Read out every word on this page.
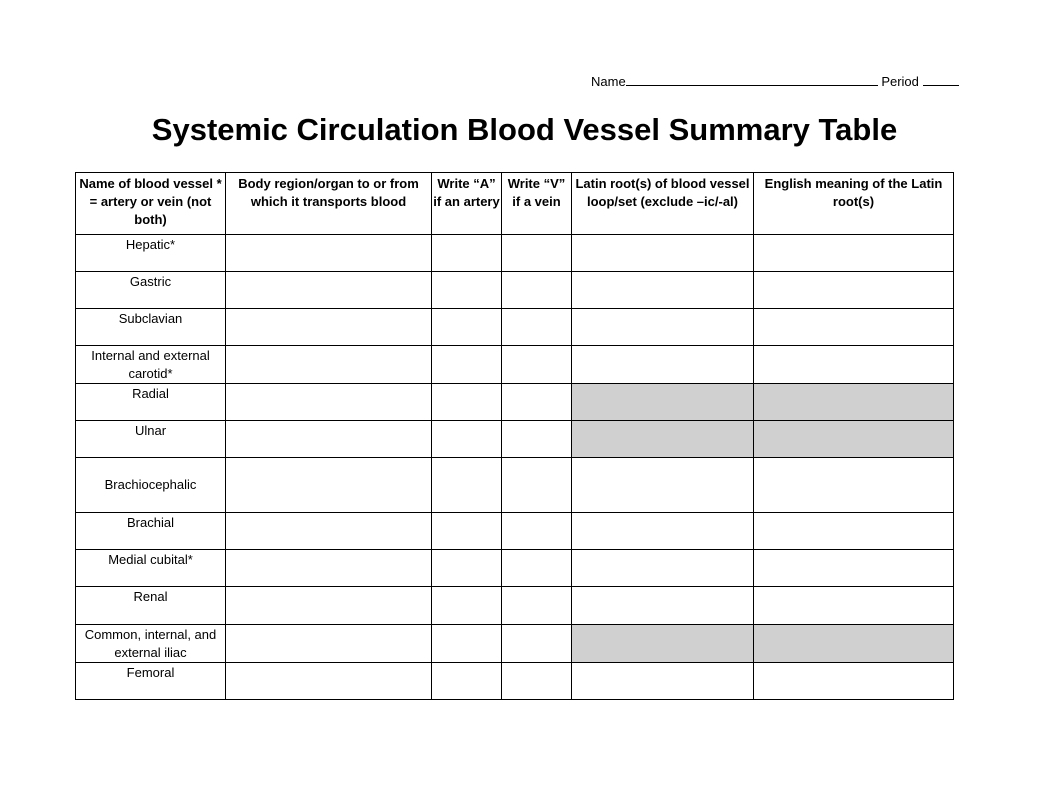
Name	Period
Systemic Circulation Blood Vessel Summary Table
Name of blood vessel * = artery or vein (not both)	Body region/organ to or from which it transports blood	Write “A” if an artery	Write “V” if a vein	Latin root(s) of blood vessel loop/set (exclude –ic/-al)	English meaning of the Latin root(s)
Hepatic*					
Gastric					
Subclavian					
Internal and external carotid*					
Radial					
Ulnar					
Brachiocephalic					
Brachial					
Medial cubital*					
Renal					
Common, internal, and external iliac					
Femoral					
